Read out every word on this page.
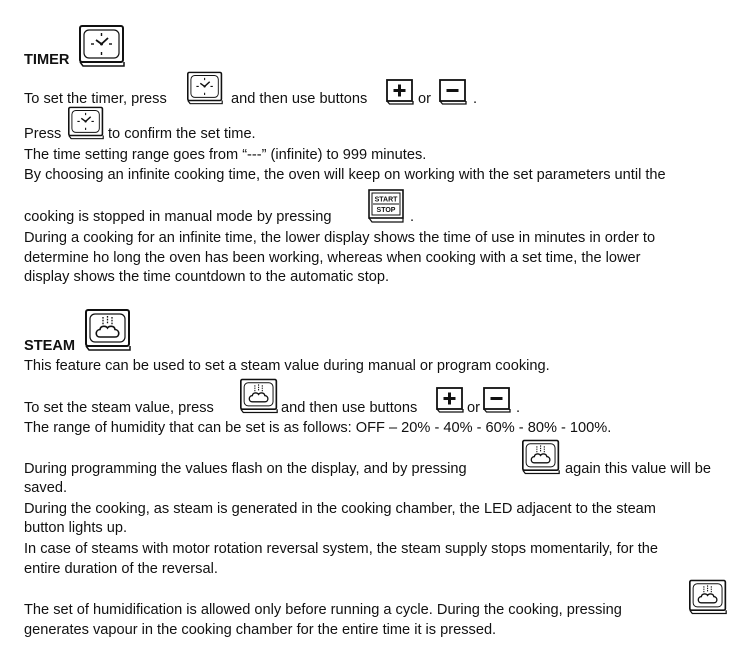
TIMER
To set the timer, press	and then use buttons	or	.
Press	to confirm the set time.
The time setting range goes from “---” (infinite) to 999 minutes.
By choosing an infinite cooking time, the oven will keep on working with the set parameters until the
cooking is stopped in manual mode by pressing
START
STOP .
During a cooking for an infinite time, the lower display shows the time of use in minutes in order to
determine ho long the oven has been working, whereas when cooking with a set time, the lower
display shows the time countdown to the automatic stop.
STEAM
This feature can be used to set a steam value during manual or program cooking.
To set the steam value, press	and then use buttons	or .
The range of humidity that can be set is as follows: OFF – 20% - 40% - 60% - 80% - 100%.
During programming the values flash on the display, and by pressing	again this value will be
saved.
During the cooking, as steam is generated in the cooking chamber, the LED adjacent to the steam
button lights up.
In case of steams with motor rotation reversal system, the steam supply stops momentarily, for the
entire duration of the reversal.
The set of humidification is allowed only before running a cycle. During the cooking, pressing
generates vapour in the cooking chamber for the entire time it is pressed.
